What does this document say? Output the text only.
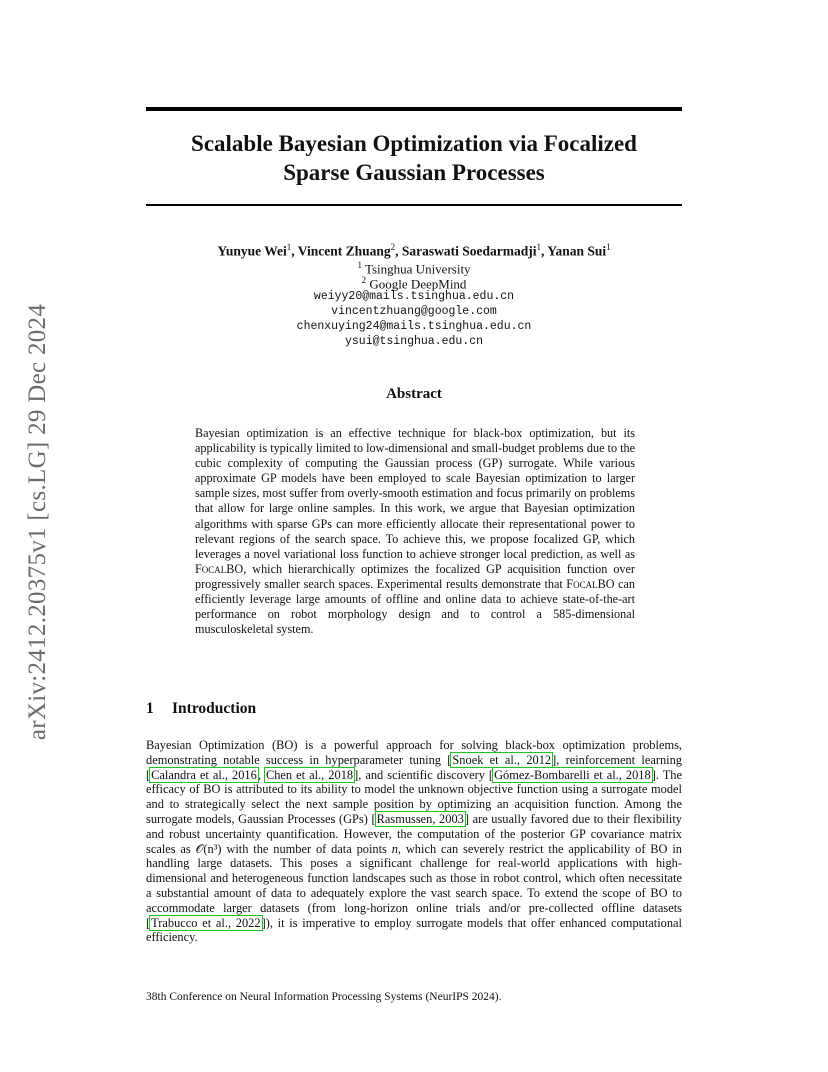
arXiv:2412.20375v1 [cs.LG] 29 Dec 2024
Scalable Bayesian Optimization via Focalized
Sparse Gaussian Processes
Yunyue Wei$^1$, Vincent Zhuang$^2$, Saraswati Soedarmadji$^1$, Yanan Sui$^1$
$^1$ Tsinghua University
$^2$ Google DeepMind
weiyy20@mails.tsinghua.edu.cn
vincentzhuang@google.com
chenxuying24@mails.tsinghua.edu.cn
ysui@tsinghua.edu.cn
Abstract
Bayesian optimization is an effective technique for black-box optimization, but its applicability is typically limited to low-dimensional and small-budget problems due to the cubic complexity of computing the Gaussian process (GP) surrogate. While various approximate GP models have been employed to scale Bayesian optimization to larger sample sizes, most suffer from overly-smooth estimation and focus primarily on problems that allow for large online samples. In this work, we argue that Bayesian optimization algorithms with sparse GPs can more efficiently allocate their representational power to relevant regions of the search space. To achieve this, we propose focalized GP, which leverages a novel variational loss function to achieve stronger local prediction, as well as FocalBO, which hierarchically optimizes the focalized GP acquisition function over progressively smaller search spaces. Experimental results demonstrate that FocalBO can efficiently leverage large amounts of offline and online data to achieve state-of-the-art performance on robot morphology design and to control a 585-dimensional musculoskeletal system.
1 Introduction
Bayesian Optimization (BO) is a powerful approach for solving black-box optimization problems, demonstrating notable success in hyperparameter tuning [Snoek et al., 2012], reinforcement learning [Calandra et al., 2016, Chen et al., 2018], and scientific discovery [Gómez-Bombarelli et al., 2018]. The efficacy of BO is attributed to its ability to model the unknown objective function using a surrogate model and to strategically select the next sample position by optimizing an acquisition function. Among the surrogate models, Gaussian Processes (GPs) [Rasmussen, 2003] are usually favored due to their flexibility and robust uncertainty quantification. However, the computation of the posterior GP covariance matrix scales as 𝒪(n³) with the number of data points n, which can severely restrict the applicability of BO in handling large datasets. This poses a significant challenge for real-world applications with high-dimensional and heterogeneous function landscapes such as those in robot control, which often necessitate a substantial amount of data to adequately explore the vast search space. To extend the scope of BO to accommodate larger datasets (from long-horizon online trials and/or pre-collected offline datasets [Trabucco et al., 2022]), it is imperative to employ surrogate models that offer enhanced computational efficiency.
38th Conference on Neural Information Processing Systems (NeurIPS 2024).
